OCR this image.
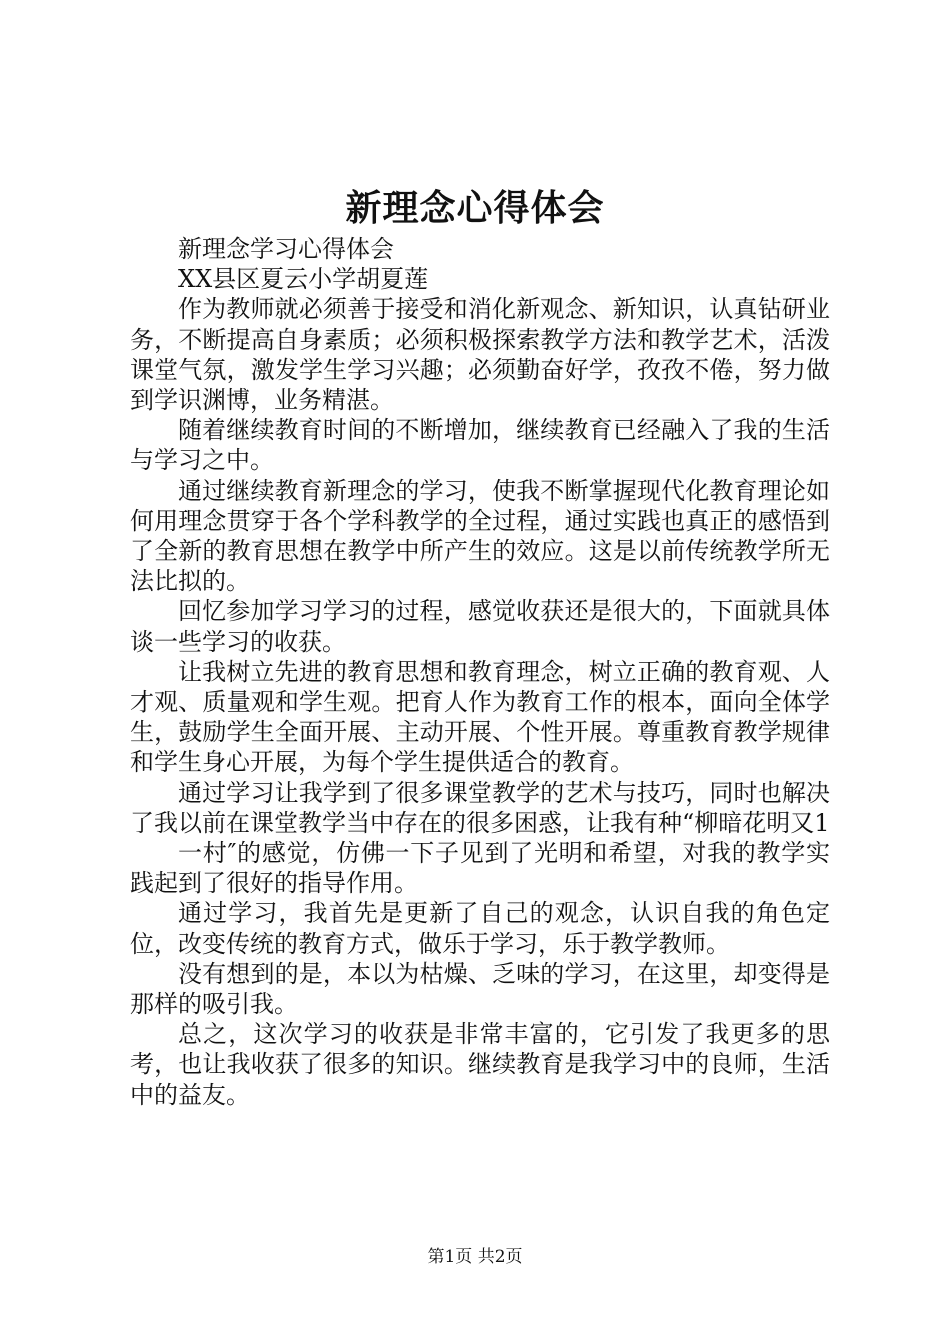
新理念心得体会

新理念学习心得体会

XX县区夏云小学胡夏莲

作为教师就必须善于接受和消化新观念、新知识，认真钻研业务，不断提高自身素质；必须积极探索教学方法和教学艺术，活泼课堂气氛，激发学生学习兴趣；必须勤奋好学，孜孜不倦，努力做到学识渊博，业务精湛。

随着继续教育时间的不断增加，继续教育已经融入了我的生活与学习之中。

通过继续教育新理念的学习，使我不断掌握现代化教育理论如何用理念贯穿于各个学科教学的全过程，通过实践也真正的感悟到了全新的教育思想在教学中所产生的效应。这是以前传统教学所无法比拟的。

回忆参加学习学习的过程，感觉收获还是很大的，下面就具体谈一些学习的收获。

让我树立先进的教育思想和教育理念，树立正确的教育观、人才观、质量观和学生观。把育人作为教育工作的根本，面向全体学生，鼓励学生全面开展、主动开展、个性开展。尊重教育教学规律和学生身心开展，为每个学生提供适合的教育。

通过学习让我学到了很多课堂教学的艺术与技巧，同时也解决了我以前在课堂教学当中存在的很多困惑，让我有种“柳暗花明又1

一村″的感觉，仿佛一下子见到了光明和希望，对我的教学实践起到了很好的指导作用。

通过学习，我首先是更新了自己的观念，认识自我的角色定位，改变传统的教育方式，做乐于学习，乐于教学教师。

没有想到的是，本以为枯燥、乏味的学习，在这里，却变得是那样的吸引我。

总之，这次学习的收获是非常丰富的，它引发了我更多的思考，也让我收获了很多的知识。继续教育是我学习中的良师，生活中的益友。

第1页 共2页
